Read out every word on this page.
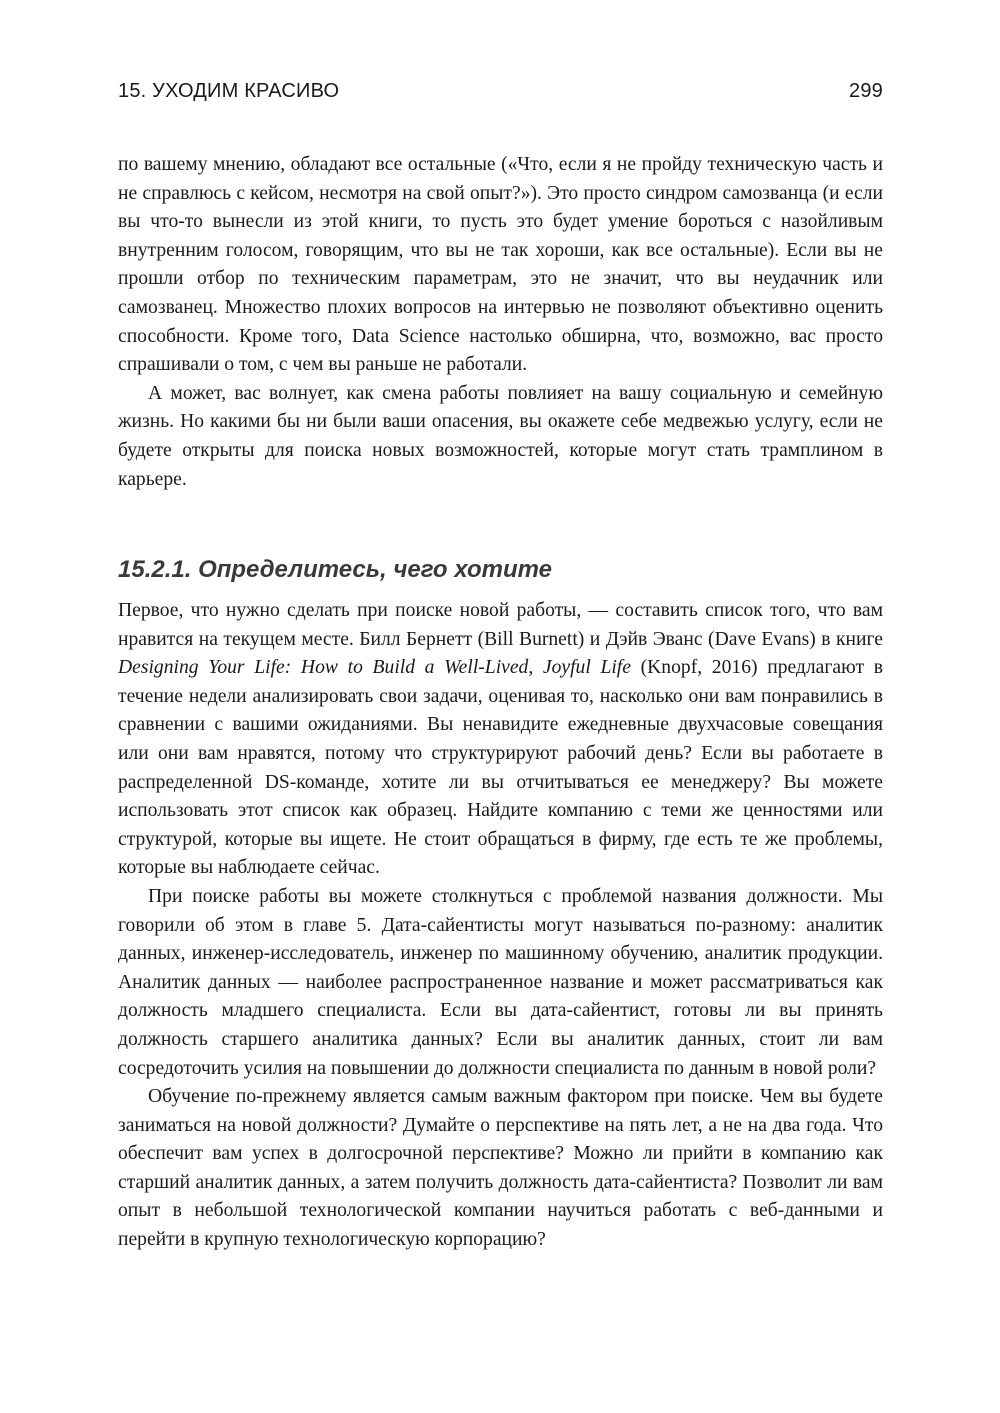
15. УХОДИМ КРАСИВО	299

по вашему мнению, обладают все остальные («Что, если я не пройду техническую часть и не справлюсь с кейсом, несмотря на свой опыт?»). Это просто синдром самозванца (и если вы что-то вынесли из этой книги, то пусть это будет умение бороться с назойливым внутренним голосом, говорящим, что вы не так хороши, как все остальные). Если вы не прошли отбор по техническим параметрам, это не значит, что вы неудачник или самозванец. Множество плохих вопросов на интервью не позволяют объективно оценить способности. Кроме того, Data Science настолько обширна, что, возможно, вас просто спрашивали о том, с чем вы раньше не работали.

А может, вас волнует, как смена работы повлияет на вашу социальную и семейную жизнь. Но какими бы ни были ваши опасения, вы окажете себе медвежью услугу, если не будете открыты для поиска новых возможностей, которые могут стать трамплином в карьере.

15.2.1. Определитесь, чего хотите

Первое, что нужно сделать при поиске новой работы, — составить список того, что вам нравится на текущем месте. Билл Бернетт (Bill Burnett) и Дэйв Эванс (Dave Evans) в книге Designing Your Life: How to Build a Well-Lived, Joyful Life (Knopf, 2016) предлагают в течение недели анализировать свои задачи, оценивая то, насколько они вам понравились в сравнении с вашими ожиданиями. Вы ненавидите ежедневные двухчасовые совещания или они вам нравятся, потому что структурируют рабочий день? Если вы работаете в распределенной DS-команде, хотите ли вы отчитываться ее менеджеру? Вы можете использовать этот список как образец. Найдите компанию с теми же ценностями или структурой, которые вы ищете. Не стоит обращаться в фирму, где есть те же проблемы, которые вы наблюдаете сейчас.

При поиске работы вы можете столкнуться с проблемой названия должности. Мы говорили об этом в главе 5. Дата-сайентисты могут называться по-разному: аналитик данных, инженер-исследователь, инженер по машинному обучению, аналитик продукции. Аналитик данных — наиболее распространенное название и может рассматриваться как должность младшего специалиста. Если вы дата-сайентист, готовы ли вы принять должность старшего аналитика данных? Если вы аналитик данных, стоит ли вам сосредоточить усилия на повышении до должности специалиста по данным в новой роли?

Обучение по-прежнему является самым важным фактором при поиске. Чем вы будете заниматься на новой должности? Думайте о перспективе на пять лет, а не на два года. Что обеспечит вам успех в долгосрочной перспективе? Можно ли прийти в компанию как старший аналитик данных, а затем получить должность дата-сайентиста? Позволит ли вам опыт в небольшой технологической компании научиться работать с веб-данными и перейти в крупную технологическую корпорацию?
